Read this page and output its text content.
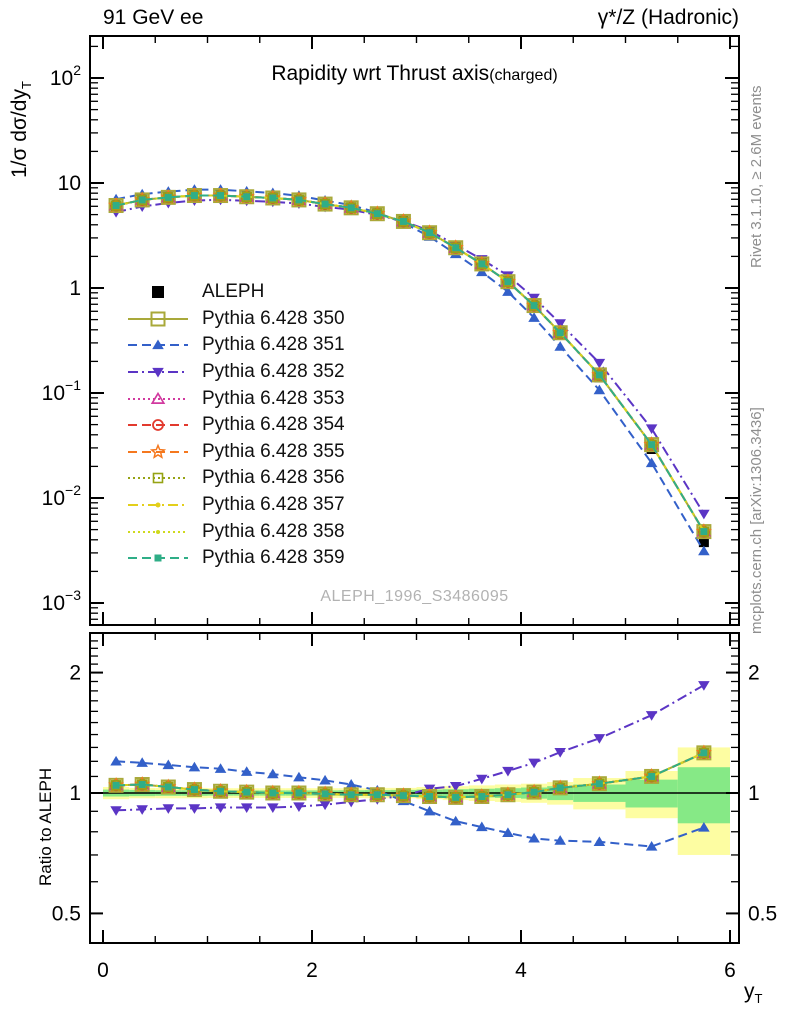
$10^2$
10
1
$10^{-1}$
$10^{-2}$
$10^{-3}$
2	2
1	1
0.5	0.5
0	2	4	6
91 GeV ee	γ*/Z (Hadronic)
Rapidity wrt Thrust axis(charged)
1/σ $d\sigma/dy_T$
Ratio to ALEPH
$y_T$
ALEPH_1996_S3486095
Rivet 3.1.10, ≥ 2.6M events
mcplots.cern.ch [arXiv:1306.3436]
ALEPH
Pythia 6.428 350
Pythia 6.428 351
Pythia 6.428 352
Pythia 6.428 353
Pythia 6.428 354
Pythia 6.428 355
Pythia 6.428 356
Pythia 6.428 357
Pythia 6.428 358
Pythia 6.428 359
